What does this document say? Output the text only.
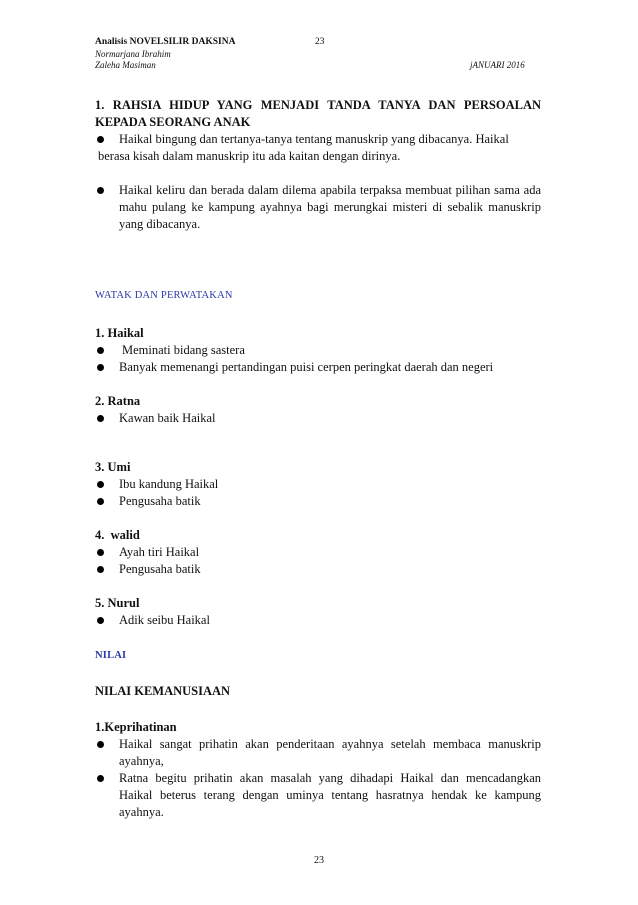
Analisis NOVELSILIR DAKSINA	23
Normarjana Ibrahim
Zaleha Masiman	jANUARI 2016
1. RAHSIA HIDUP YANG MENJADI TANDA TANYA DAN PERSOALAN KEPADA SEORANG ANAK
Haikal bingung dan tertanya-tanya tentang manuskrip yang dibacanya. Haikal
berasa kisah dalam manuskrip itu ada kaitan dengan dirinya.
Haikal keliru dan berada dalam dilema apabila terpaksa membuat pilihan sama ada mahu pulang ke kampung ayahnya bagi merungkai misteri di sebalik manuskrip yang dibacanya.
WATAK DAN PERWATAKAN
1. Haikal
Meminati bidang sastera
Banyak memenangi pertandingan puisi cerpen peringkat daerah dan negeri
2. Ratna
Kawan baik Haikal
3. Umi
Ibu kandung Haikal
Pengusaha batik
4.  walid
Ayah tiri Haikal
Pengusaha batik
5. Nurul
Adik seibu Haikal
NILAI
NILAI KEMANUSIAAN
1.Keprihatinan
Haikal sangat prihatin akan penderitaan ayahnya setelah membaca manuskrip ayahnya,
Ratna begitu prihatin akan masalah yang dihadapi Haikal dan mencadangkan Haikal beterus terang dengan uminya tentang hasratnya hendak ke kampung ayahnya.
23
